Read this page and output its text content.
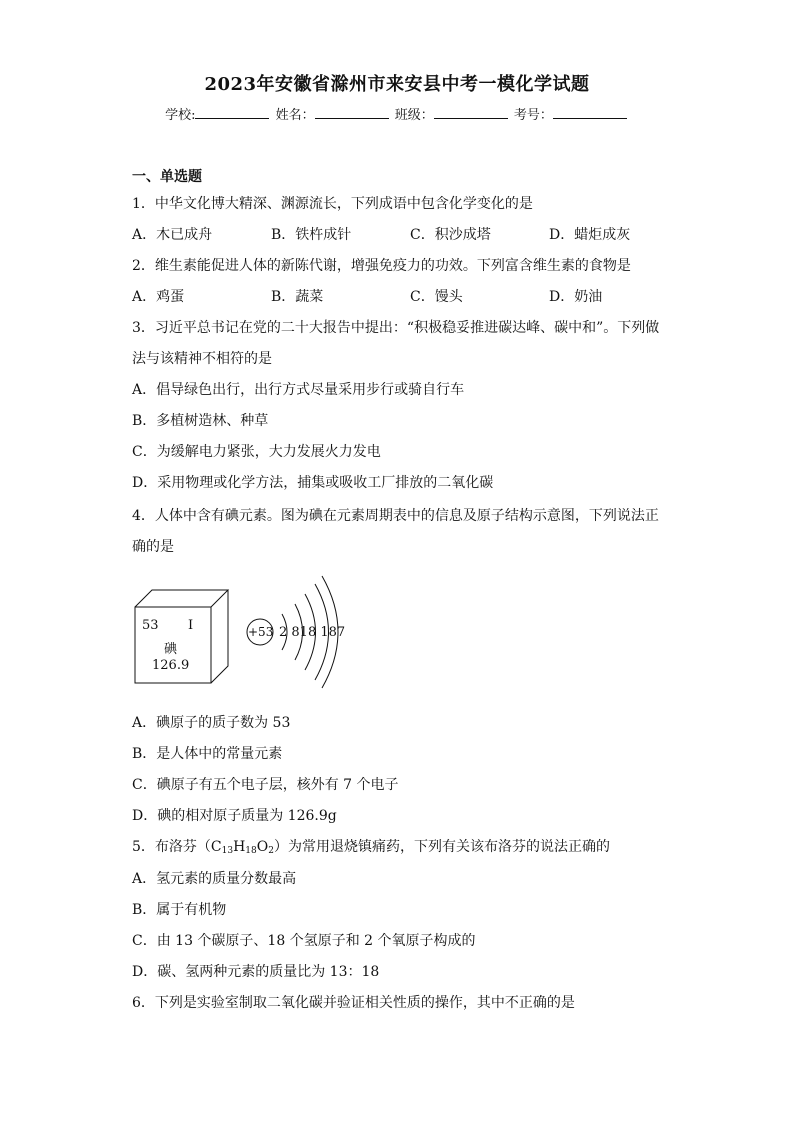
2023年安徽省滁州市来安县中考一模化学试题
学校:	姓名：	班级：	考号：
一、单选题
1．中华文化博大精深、渊源流长，下列成语中包含化学变化的是
A．木已成舟	B．铁杵成针	C．积沙成塔	D．蜡炬成灰
2．维生素能促进人体的新陈代谢，增强免疫力的功效。下列富含维生素的食物是
A．鸡蛋	B．蔬菜	C．馒头	D．奶油
3．习近平总书记在党的二十大报告中提出：“积极稳妥推进碳达峰、碳中和”。下列做
法与该精神不相符的是
A．倡导绿色出行，出行方式尽量采用步行或骑自行车
B．多植树造林、种草
C．为缓解电力紧张，大力发展火力发电
D．采用物理或化学方法，捕集或吸收工厂排放的二氧化碳
4．人体中含有碘元素。图为碘在元素周期表中的信息及原子结构示意图，下列说法正
确的是
53 I
碘
126.9
+53 2 818 187
A．碘原子的质子数为 53
B．是人体中的常量元素
C．碘原子有五个电子层，核外有 7 个电子
D．碘的相对原子质量为 126.9g
5．布洛芬$(C_{13}H_{18}O_2)$为常用退烧镇痛药，下列有关该布洛芬的说法正确的
A．氢元素的质量分数最高
B．属于有机物
C．由 13 个碳原子、18 个氢原子和 2 个氧原子构成的
D．碳、氢两种元素的质量比为 13：18
6．下列是实验室制取二氧化碳并验证相关性质的操作，其中不正确的是
